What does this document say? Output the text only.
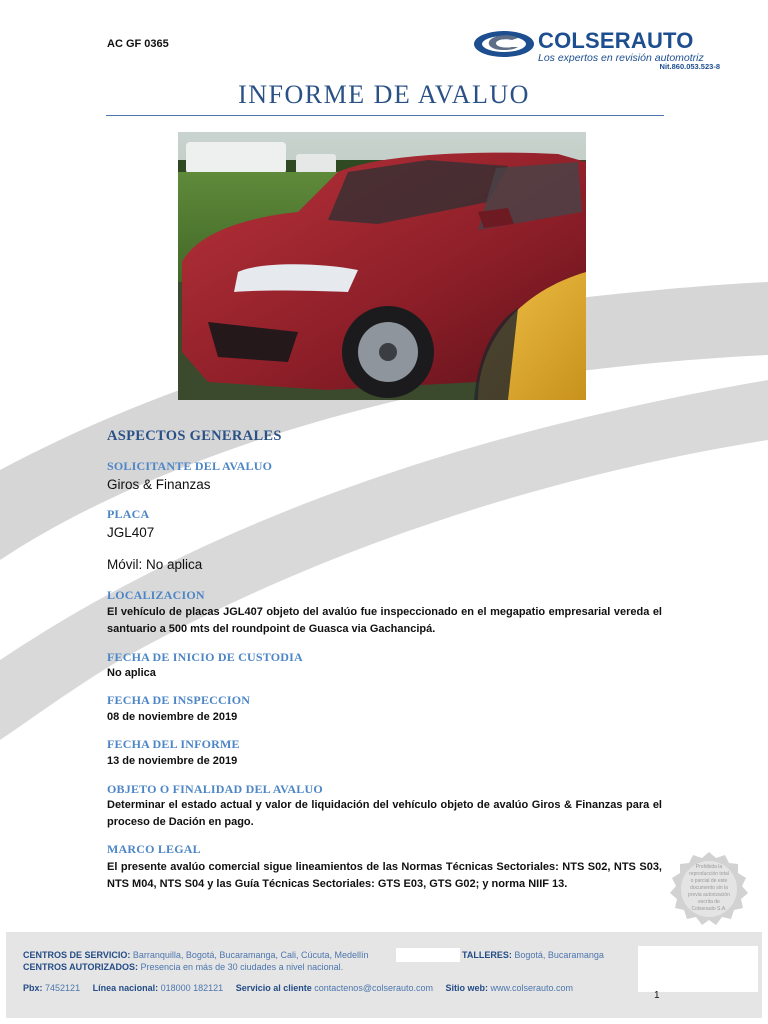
AC GF 0365	COLSERAUTO
Los expertos en revisión automotriz
Nit.860.053.523-8
INFORME DE AVALUO
ASPECTOS GENERALES
SOLICITANTE DEL AVALUO
Giros & Finanzas
PLACA
JGL407
Móvil: No aplica
LOCALIZACION
El vehículo de placas JGL407 objeto del avalúo fue inspeccionado en el megapatio empresarial vereda el santuario a 500 mts del roundpoint de Guasca via Gachancipá.
FECHA DE INICIO DE CUSTODIA
No aplica
FECHA DE INSPECCION
08 de noviembre de 2019
FECHA DEL INFORME
13 de noviembre de 2019
OBJETO O FINALIDAD DEL AVALUO
Determinar el estado actual y valor de liquidación del vehículo objeto de avalúo Giros & Finanzas para el proceso de Dación en pago.
MARCO LEGAL
El presente avalúo comercial sigue lineamientos de las Normas Técnicas Sectoriales: NTS S02, NTS S03, NTS M04, NTS S04 y las Guía Técnicas Sectoriales: GTS E03, GTS G02; y norma NIIF 13.
Prohibida la
reproducción total
o parcial de este
documento sin la
previa autorización
escrita de
Colserauto S.A.
CENTROS DE SERVICIO: Barranquilla, Bogotá, Bucaramanga, Cali, Cúcuta, Medellín	TALLERES: Bogotá, Bucaramanga
CENTROS AUTORIZADOS: Presencia en más de 30 ciudades a nivel nacional.
Pbx: 7452121 Línea nacional: 018000 182121 Servicio al cliente contactenos@colserauto.com Sitio web: www.colserauto.com
1
